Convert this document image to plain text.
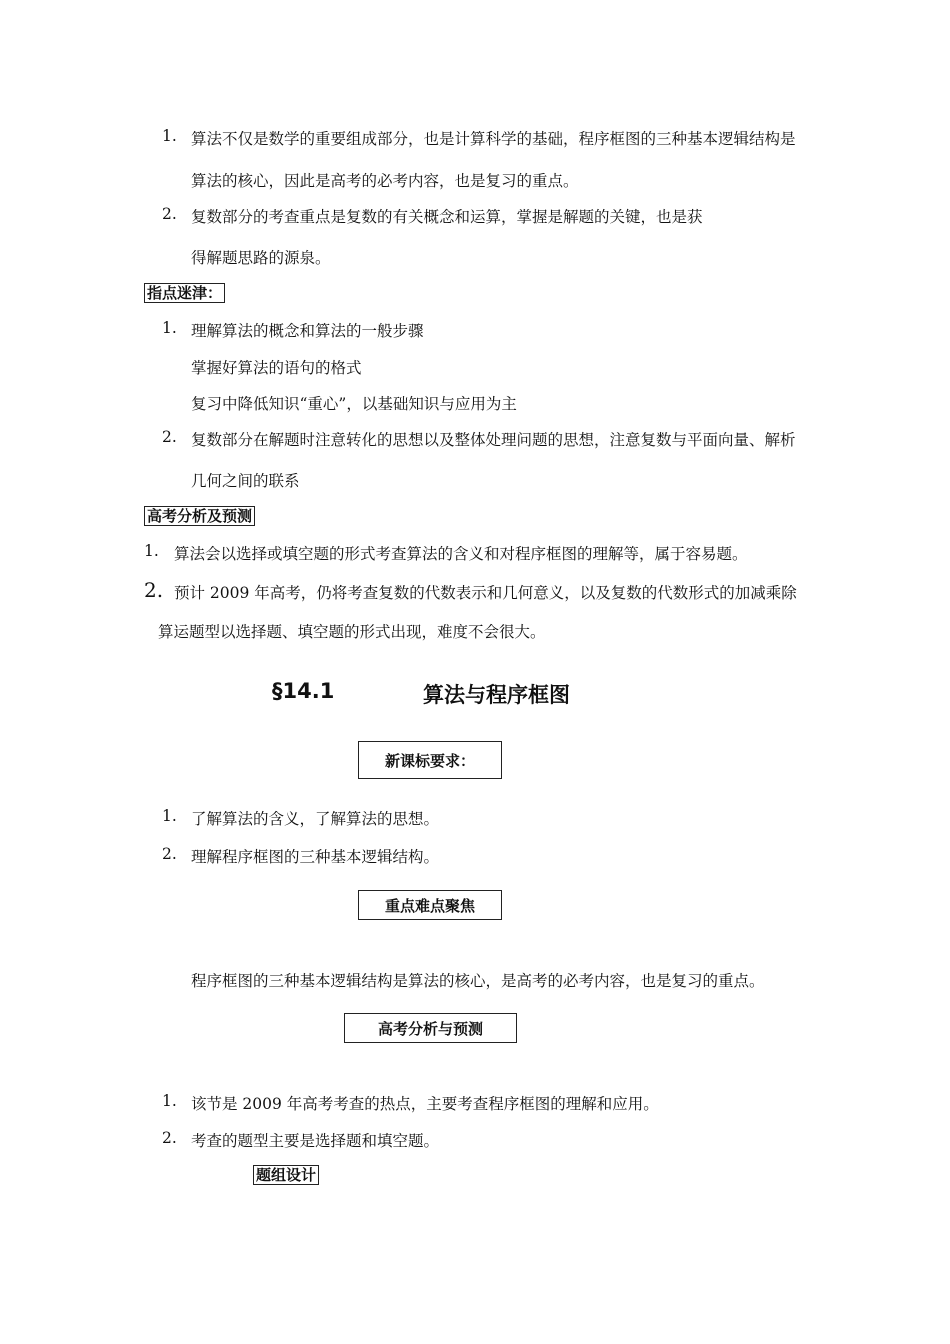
1. 算法不仅是数学的重要组成部分，也是计算科学的基础，程序框图的三种基本逻辑结构是
算法的核心，因此是高考的必考内容，也是复习的重点。
2. 复数部分的考查重点是复数的有关概念和运算，掌握是解题的关键，也是获
得解题思路的源泉。
指点迷津：
1. 理解算法的概念和算法的一般步骤
掌握好算法的语句的格式
复习中降低知识“重心”，以基础知识与应用为主
2. 复数部分在解题时注意转化的思想以及整体处理问题的思想，注意复数与平面向量、解析
几何之间的联系
高考分析及预测
1. 算法会以选择或填空题的形式考查算法的含义和对程序框图的理解等，属于容易题。
2. 预计 2009 年高考，仍将考查复数的代数表示和几何意义，以及复数的代数形式的加减乘除
算运题型以选择题、填空题的形式出现，难度不会很大。
§14.1	算法与程序框图
新课标要求：
1. 了解算法的含义，了解算法的思想。
2. 理解程序框图的三种基本逻辑结构。
重点难点聚焦
程序框图的三种基本逻辑结构是算法的核心，是高考的必考内容，也是复习的重点。
高考分析与预测
1. 该节是 2009 年高考考查的热点，主要考查程序框图的理解和应用。
2. 考查的题型主要是选择题和填空题。
题组设计
